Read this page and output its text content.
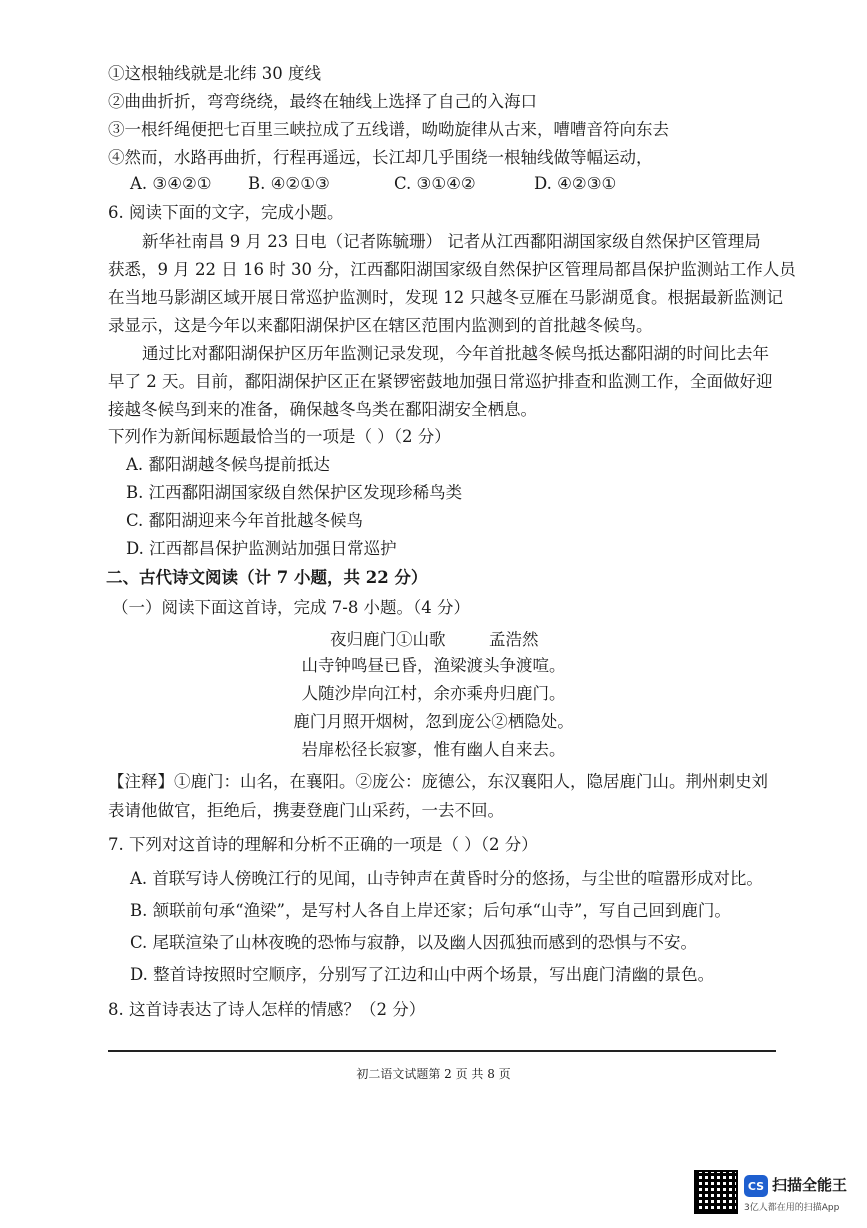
①这根轴线就是北纬 30 度线
②曲曲折折，弯弯绕绕，最终在轴线上选择了自己的入海口
③一根纤绳便把七百里三峡拉成了五线谱，呦呦旋律从古来，嘈嘈音符向东去
④然而，水路再曲折，行程再遥远，长江却几乎围绕一根轴线做等幅运动，
A. ③④②① B. ④②①③	C. ③①④②	D. ④②③①
6. 阅读下面的文字，完成小题。
新华社南昌 9 月 23 日电（记者陈毓珊） 记者从江西鄱阳湖国家级自然保护区管理局
获悉，9 月 22 日 16 时 30 分，江西鄱阳湖国家级自然保护区管理局都昌保护监测站工作人员
在当地马影湖区域开展日常巡护监测时，发现 12 只越冬豆雁在马影湖觅食。根据最新监测记
录显示，这是今年以来鄱阳湖保护区在辖区范围内监测到的首批越冬候鸟。
通过比对鄱阳湖保护区历年监测记录发现，今年首批越冬候鸟抵达鄱阳湖的时间比去年
早了 2 天。目前，鄱阳湖保护区正在紧锣密鼓地加强日常巡护排查和监测工作，全面做好迎
接越冬候鸟到来的准备，确保越冬鸟类在鄱阳湖安全栖息。
下列作为新闻标题最恰当的一项是（ ）（2 分）
A. 鄱阳湖越冬候鸟提前抵达
B. 江西鄱阳湖国家级自然保护区发现珍稀鸟类
C. 鄱阳湖迎来今年首批越冬候鸟
D. 江西都昌保护监测站加强日常巡护
二、古代诗文阅读（计 7 小题，共 22 分）
（一）阅读下面这首诗，完成 7-8 小题。（4 分）
夜归鹿门①山歌	孟浩然
山寺钟鸣昼已昏，渔梁渡头争渡喧。
人随沙岸向江村，余亦乘舟归鹿门。
鹿门月照开烟树，忽到庞公②栖隐处。
岩扉松径长寂寥，惟有幽人自来去。
【注释】①鹿门：山名，在襄阳。②庞公：庞德公，东汉襄阳人，隐居鹿门山。荆州刺史刘
表请他做官，拒绝后，携妻登鹿门山采药，一去不回。
7. 下列对这首诗的理解和分析不正确的一项是（ ）（2 分）
A. 首联写诗人傍晚江行的见闻，山寺钟声在黄昏时分的悠扬，与尘世的喧嚣形成对比。
B. 颔联前句承“渔梁”，是写村人各自上岸还家；后句承“山寺”，写自己回到鹿门。
C. 尾联渲染了山林夜晚的恐怖与寂静，以及幽人因孤独而感到的恐惧与不安。
D. 整首诗按照时空顺序，分别写了江边和山中两个场景，写出鹿门清幽的景色。
8. 这首诗表达了诗人怎样的情感？（2 分）
初二语文试题第 2 页 共 8 页
CS 扫描全能王
3亿人都在用的扫描App
